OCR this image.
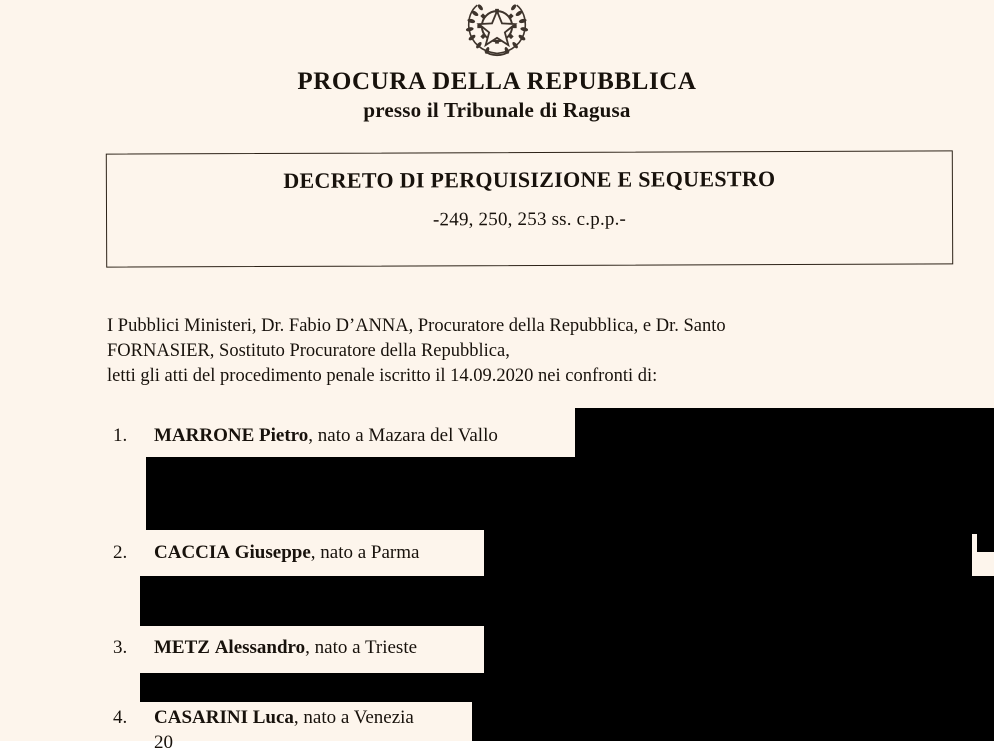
PROCURA DELLA REPUBBLICA
presso il Tribunale di Ragusa
DECRETO DI PERQUISIZIONE E SEQUESTRO
-249, 250, 253 ss. c.p.p.-

I Pubblici Ministeri, Dr. Fabio D’ANNA, Procuratore della Repubblica, e Dr. Santo

FORNASIER, Sostituto Procuratore della Repubblica,

letti gli atti del procedimento penale iscritto il 14.09.2020 nei confronti di:

1.	MARRONE Pietro, nato a Mazara del Vallo
2.	CACCIA Giuseppe, nato a Parma
3.	METZ Alessandro, nato a Trieste
4.	CASARINI Luca, nato a Venezia
20
